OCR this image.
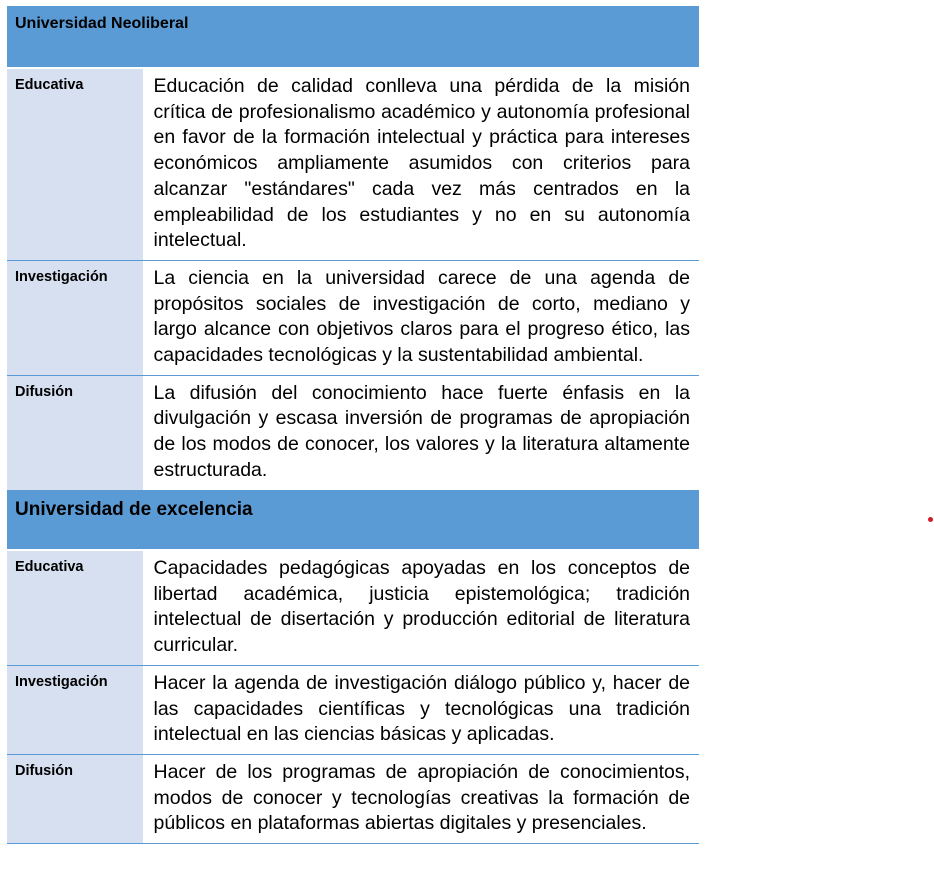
Universidad Neoliberal	

Educativa	Educación de calidad conlleva una pérdida de la misión crítica de profesionalismo académico y autonomía profesional en favor de la formación intelectual y práctica para intereses económicos ampliamente asumidos con criterios para alcanzar "estándares" cada vez más centrados en la empleabilidad de los estudiantes y no en su autonomía intelectual.

Investigación	La ciencia en la universidad carece de una agenda de propósitos sociales de investigación de corto, mediano y largo alcance con objetivos claros para el progreso ético, las capacidades tecnológicas y la sustentabilidad ambiental.

Difusión	La difusión del conocimiento hace fuerte énfasis en la divulgación y escasa inversión de programas de apropiación de los modos de conocer, los valores y la literatura altamente estructurada.

Universidad de excelencia	

Educativa	Capacidades pedagógicas apoyadas en los conceptos de libertad académica, justicia epistemológica; tradición intelectual de disertación y producción editorial de literatura curricular.

Investigación	Hacer la agenda de investigación diálogo público y, hacer de las capacidades científicas y tecnológicas una tradición intelectual en las ciencias básicas y aplicadas.

Difusión	Hacer de los programas de apropiación de conocimientos, modos de conocer y tecnologías creativas la formación de públicos en plataformas abiertas digitales y presenciales.
